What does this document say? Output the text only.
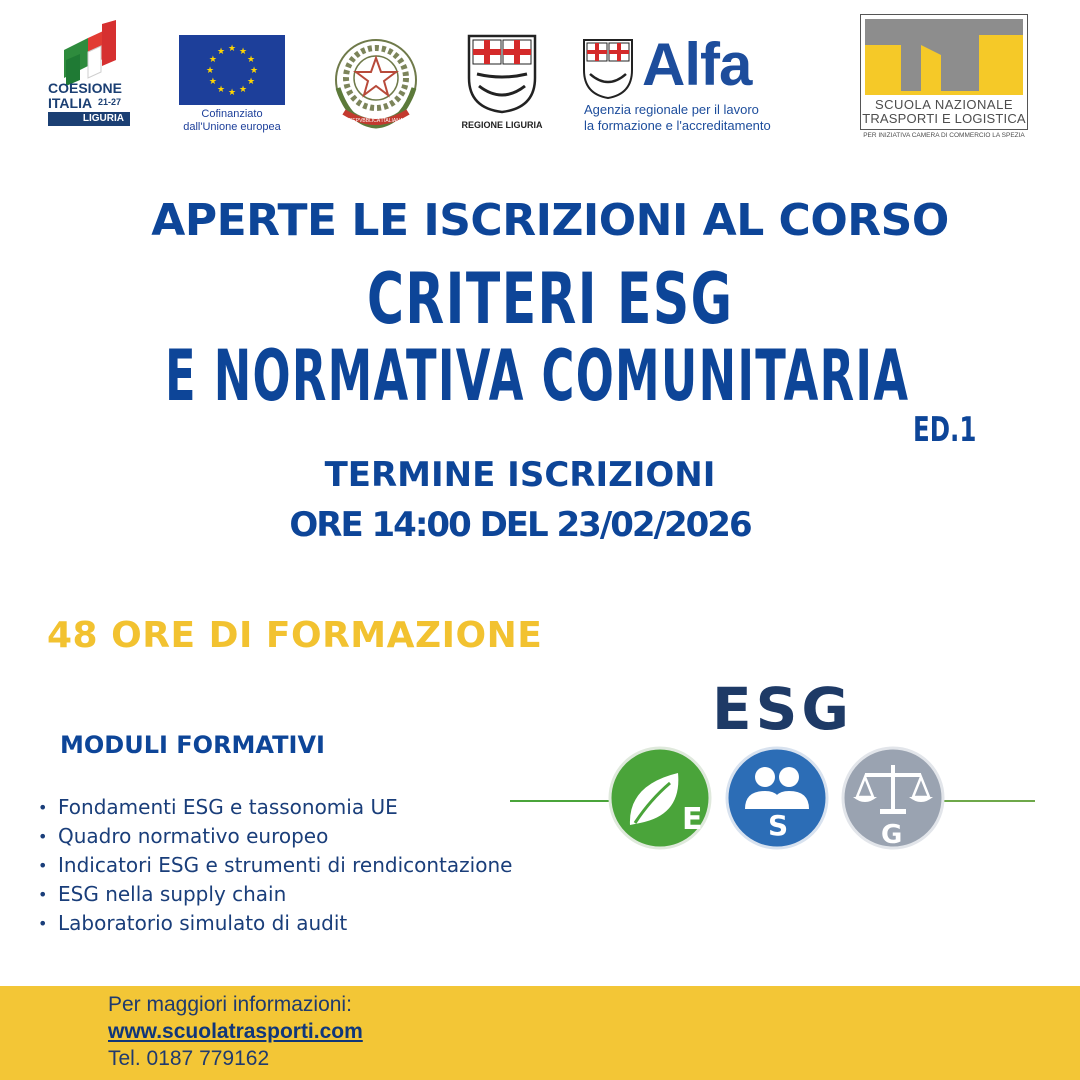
COESIONE
ITALIA 21-27
LIGURIA
★ ★
★
★
★
★
★
★
★
★
★
★
Cofinanziato
dall'Unione europea	REPVBBLICA ITALIANA	REGIONE LIGURIA
Alfa
Agenzia regionale per il lavoro
la formazione e l'accreditamento
SCUOLA NAZIONALE
TRASPORTI E LOGISTICA
PER INIZIATIVA CAMERA DI COMMERCIO LA SPEZIA
APERTE LE ISCRIZIONI AL CORSO
CRITERI ESG
E NORMATIVA COMUNITARIA
ED.1
TERMINE ISCRIZIONI
ORE 14:00 DEL 23/02/2026
48 ORE DI FORMAZIONE
MODULI FORMATIVI
• Fondamenti ESG e tassonomia UE
• Quadro normativo europeo
• Indicatori ESG e strumenti di rendicontazione
• ESG nella supply chain
• Laboratorio simulato di audit
ESG
E S	G
Per maggiori informazioni:
www.scuolatrasporti.com
Tel. 0187 779162
